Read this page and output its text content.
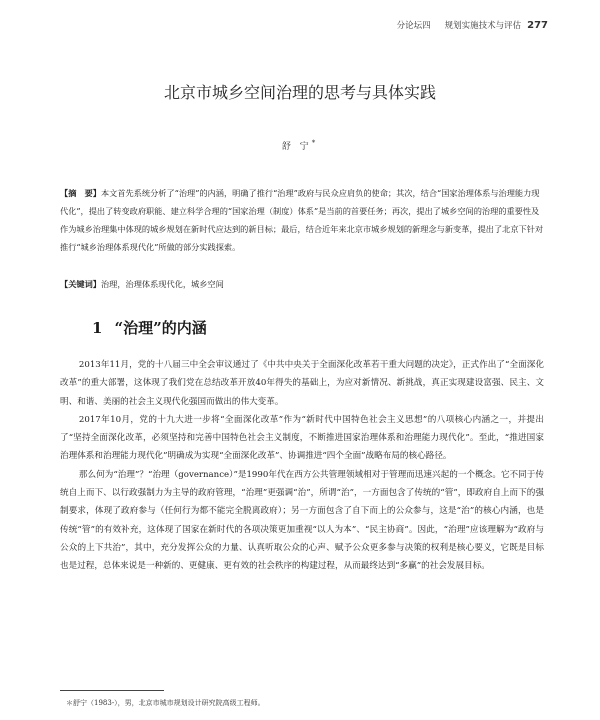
分论坛四 规划实施技术与评估 277
北京市城乡空间治理的思考与具体实践
舒 宁*
【摘　要】本文首先系统分析了“治理”的内涵，明确了推行“治理”政府与民众应肩负的使命；其次，结合“国家治理体系与治理能力现代化”，提出了转变政府职能、建立科学合理的“国家治理（制度）体系”是当前的首要任务；再次，提出了城乡空间的治理的重要性及作为城乡治理集中体现的城乡规划在新时代应达到的新目标；最后，结合近年来北京市城乡规划的新理念与新变革，提出了北京下针对推行“城乡治理体系现代化”所做的部分实践探索。
【关键词】治理，治理体系现代化，城乡空间
1 “治理”的内涵

2013年11月，党的十八届三中全会审议通过了《中共中央关于全面深化改革若干重大问题的决定》，正式作出了“全面深化改革”的重大部署，这体现了我们党在总结改革开放40年得失的基础上，为应对新情况、新挑战，真正实现建设富强、民主、文明、和谐、美丽的社会主义现代化强国而做出的伟大变革。

2017年10月，党的十九大进一步将“全面深化改革”作为“新时代中国特色社会主义思想”的八项核心内涵之一，并提出了“坚持全面深化改革，必须坚持和完善中国特色社会主义制度，不断推进国家治理体系和治理能力现代化”。至此，“推进国家治理体系和治理能力现代化”明确成为实现“全面深化改革”、协调推进“四个全面”战略布局的核心路径。

那么何为“治理”？“治理（governance）”是1990年代在西方公共管理领域相对于管理而迅速兴起的一个概念。它不同于传统自上而下、以行政强制力为主导的政府管理，“治理”更强调“治”，所谓“治”，一方面包含了传统的“管”，即政府自上而下的强制要求，体现了政府参与（任何行为都不能完全脱离政府）；另一方面包含了自下而上的公众参与，这是“治”的核心内涵，也是传统“管”的有效补充，这体现了国家在新时代的各项决策更加重视“以人为本”、“民主协商”。因此，“治理”应该理解为“政府与公众的上下共治”，其中，充分发挥公众的力量、认真听取公众的心声、赋予公众更多参与决策的权利是核心要义，它既是目标也是过程，总体来说是一种新的、更健康、更有效的社会秩序的构建过程，从而最终达到“多赢”的社会发展目标。

＊舒宁（1983-），男，北京市城市规划设计研究院高级工程师。
